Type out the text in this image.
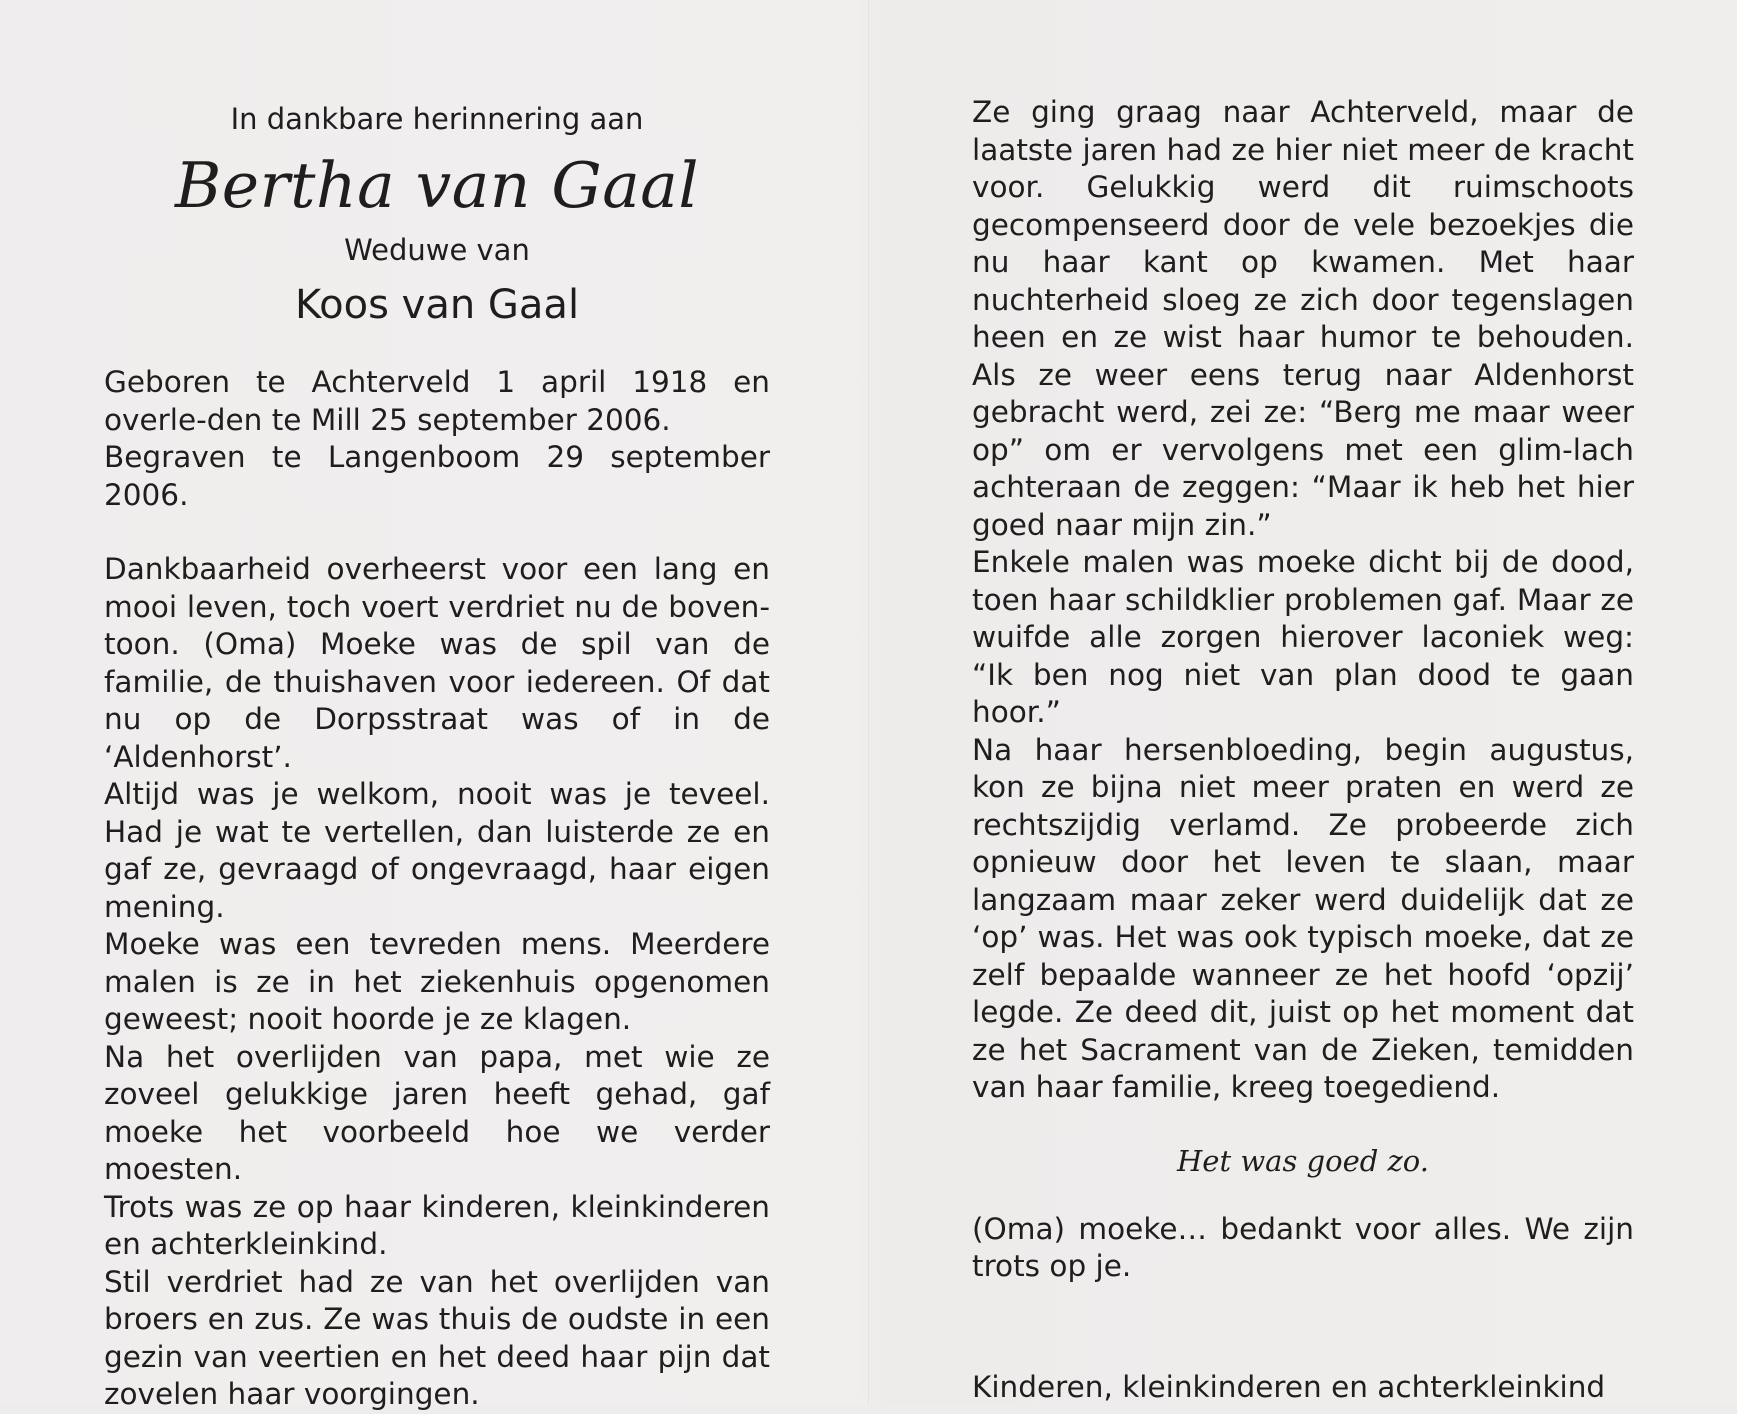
In dankbare herinnering aan

Bertha van Gaal

Weduwe van

Koos van Gaal

Geboren te Achterveld 1 april 1918 en overle-den te Mill 25 september 2006.

Begraven te Langenboom 29 september 2006.

Dankbaarheid overheerst voor een lang en mooi leven, toch voert verdriet nu de boven-toon. (Oma) Moeke was de spil van de familie, de thuishaven voor iedereen. Of dat nu op de Dorpsstraat was of in de ‘Aldenhorst’.

Altijd was je welkom, nooit was je teveel. Had je wat te vertellen, dan luisterde ze en gaf ze, gevraagd of ongevraagd, haar eigen mening.

Moeke was een tevreden mens. Meerdere malen is ze in het ziekenhuis opgenomen geweest; nooit hoorde je ze klagen.

Na het overlijden van papa, met wie ze zoveel gelukkige jaren heeft gehad, gaf moeke het voorbeeld hoe we verder moesten.

Trots was ze op haar kinderen, kleinkinderen en achterkleinkind.

Stil verdriet had ze van het overlijden van broers en zus. Ze was thuis de oudste in een gezin van veertien en het deed haar pijn dat zovelen haar voorgingen.

Ze ging graag naar Achterveld, maar de laatste jaren had ze hier niet meer de kracht voor. Gelukkig werd dit ruimschoots gecompenseerd door de vele bezoekjes die nu haar kant op kwamen. Met haar nuchterheid sloeg ze zich door tegenslagen heen en ze wist haar humor te behouden. Als ze weer eens terug naar Aldenhorst gebracht werd, zei ze: “Berg me maar weer op” om er vervolgens met een glim-lach achteraan de zeggen: “Maar ik heb het hier goed naar mijn zin.”

Enkele malen was moeke dicht bij de dood, toen haar schildklier problemen gaf. Maar ze wuifde alle zorgen hierover laconiek weg: “Ik ben nog niet van plan dood te gaan hoor.”

Na haar hersenbloeding, begin augustus, kon ze bijna niet meer praten en werd ze rechtszijdig verlamd. Ze probeerde zich opnieuw door het leven te slaan, maar langzaam maar zeker werd duidelijk dat ze ‘op’ was. Het was ook typisch moeke, dat ze zelf bepaalde wanneer ze het hoofd ‘opzij’ legde. Ze deed dit, juist op het moment dat ze het Sacrament van de Zieken, temidden van haar familie, kreeg toegediend.

Het was goed zo.

(Oma) moeke… bedankt voor alles. We zijn trots op je.

Kinderen, kleinkinderen en achterkleinkind
